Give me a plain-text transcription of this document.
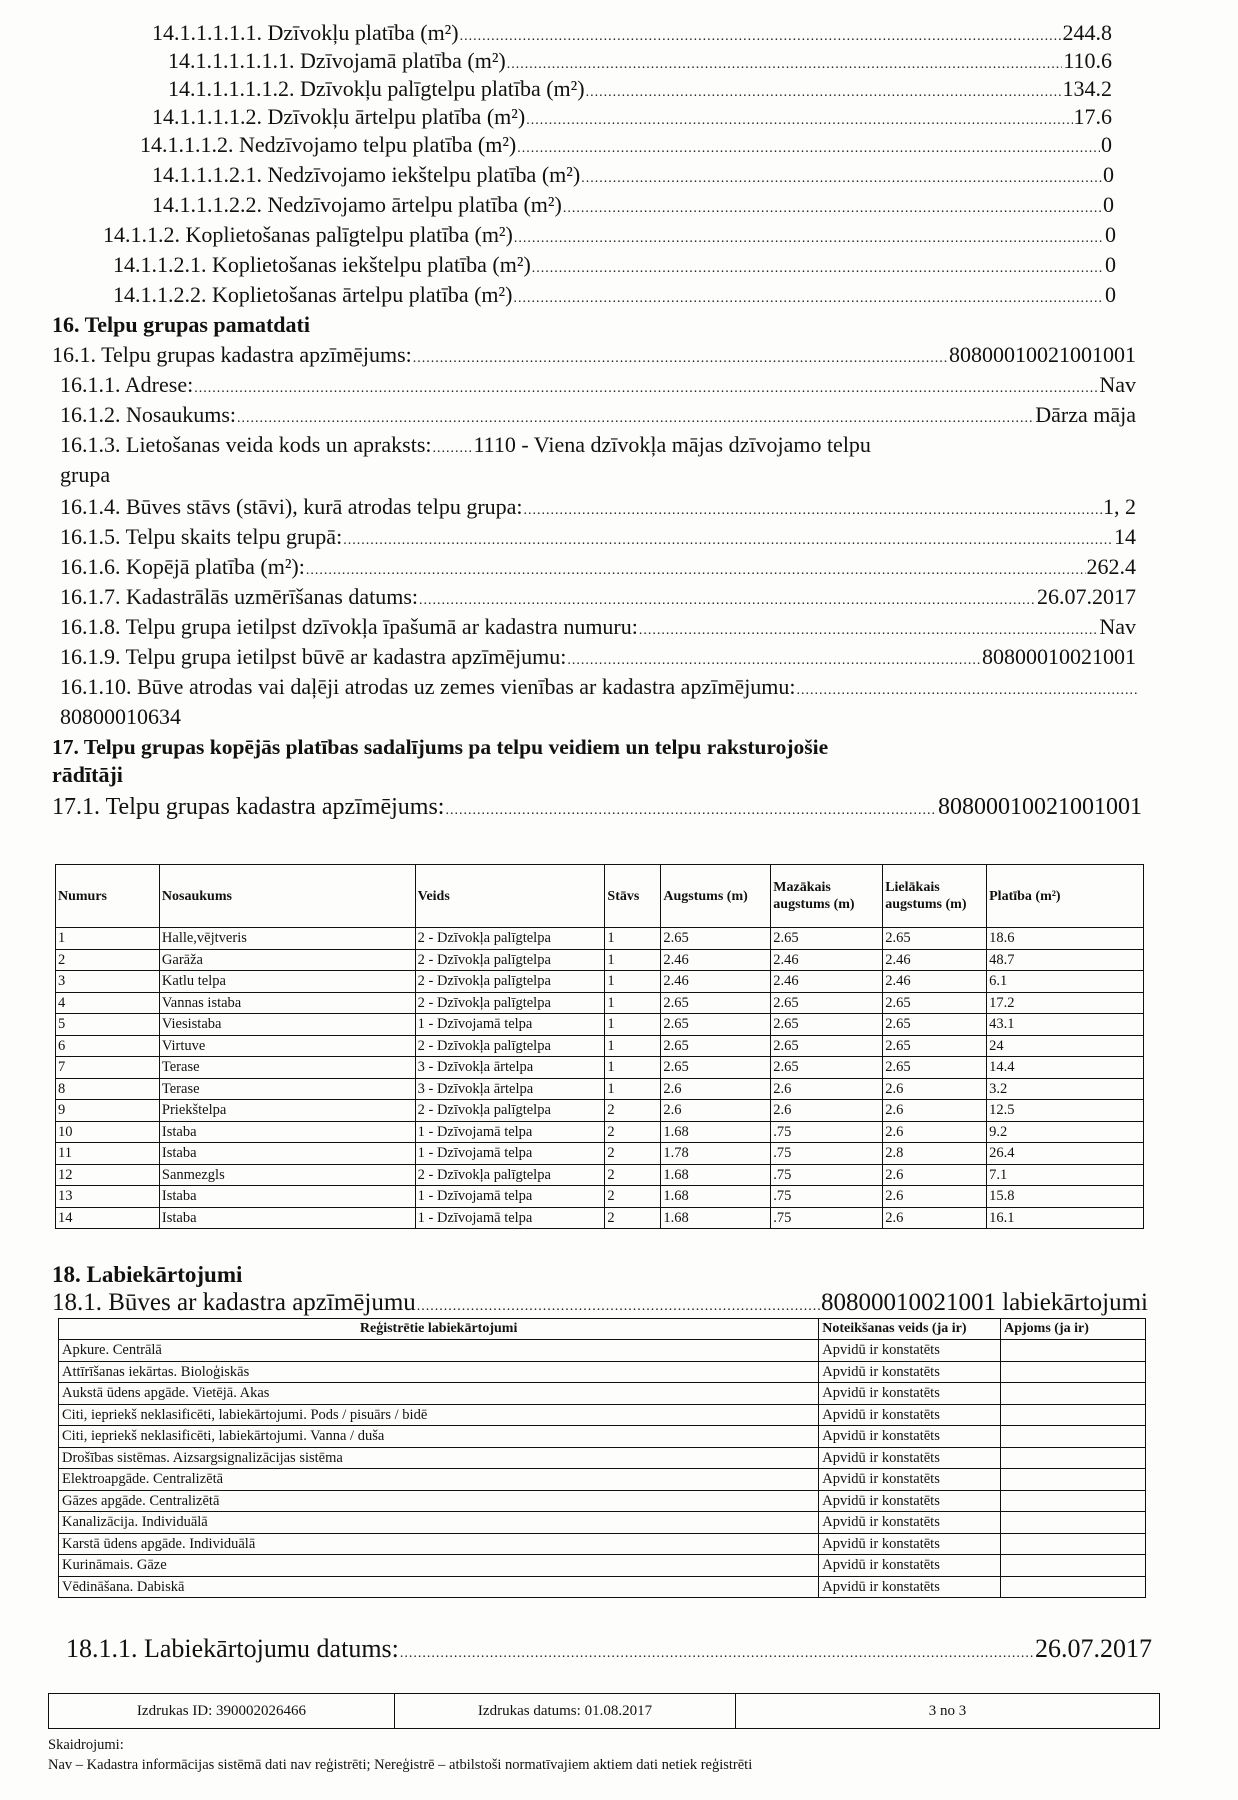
14.1.1.1.1.1. Dzīvokļu platība (m²) .....	244.8
14.1.1.1.1.1.1. Dzīvojamā platība (m²) .....	110.6
14.1.1.1.1.1.2. Dzīvokļu palīgtelpu platība (m²) .....	134.2
14.1.1.1.1.2. Dzīvokļu ārtelpu platība (m²) .....	17.6
14.1.1.1.2. Nedzīvojamo telpu platība (m²) .....	0
14.1.1.1.2.1. Nedzīvojamo iekštelpu platība (m²) .....	0
14.1.1.1.2.2. Nedzīvojamo ārtelpu platība (m²) .....	0
14.1.1.2. Koplietošanas palīgtelpu platība (m²) .....	0
14.1.1.2.1. Koplietošanas iekštelpu platība (m²) .....	0
14.1.1.2.2. Koplietošanas ārtelpu platība (m²) .....	0
16. Telpu grupas pamatdati
16.1. Telpu grupas kadastra apzīmējums: .....	80800010021001001
16.1.1. Adrese: .....	Nav
16.1.2. Nosaukums: .....	Dārza māja
16.1.3. Lietošanas veida kods un apraksts: ..... 1110 - Viena dzīvokļa mājas dzīvojamo telpu
grupa
16.1.4. Būves stāvs (stāvi), kurā atrodas telpu grupa: .....	1, 2
16.1.5. Telpu skaits telpu grupā: .....	14
16.1.6. Kopējā platība (m²): .....	262.4
16.1.7. Kadastrālās uzmērīšanas datums: .....	26.07.2017
16.1.8. Telpu grupa ietilpst dzīvokļa īpašumā ar kadastra numuru: .....	Nav
16.1.9. Telpu grupa ietilpst būvē ar kadastra apzīmējumu: .....	80800010021001
16.1.10. Būve atrodas vai daļēji atrodas uz zemes vienības ar kadastra apzīmējumu:
.....
80800010634
17. Telpu grupas kopējās platības sadalījums pa telpu veidiem un telpu raksturojošie
rādītāji
17.1. Telpu grupas kadastra apzīmējums: .....	80800010021001001
Numurs	Nosaukums	Veids	Stāvs	Augstums (m)	Mazākais augstums (m)	Lielākais augstums (m)	Platība (m²)
1	Halle,vējtveris	2 - Dzīvokļa palīgtelpa	1	2.65	2.65	2.65	18.6
2	Garāža	2 - Dzīvokļa palīgtelpa	1	2.46	2.46	2.46	48.7
3	Katlu telpa	2 - Dzīvokļa palīgtelpa	1	2.46	2.46	2.46	6.1
4	Vannas istaba	2 - Dzīvokļa palīgtelpa	1	2.65	2.65	2.65	17.2
5	Viesistaba	1 - Dzīvojamā telpa	1	2.65	2.65	2.65	43.1
6	Virtuve	2 - Dzīvokļa palīgtelpa	1	2.65	2.65	2.65	24
7	Terase	3 - Dzīvokļa ārtelpa	1	2.65	2.65	2.65	14.4
8	Terase	3 - Dzīvokļa ārtelpa	1	2.6	2.6	2.6	3.2
9	Priekštelpa	2 - Dzīvokļa palīgtelpa	2	2.6	2.6	2.6	12.5
10	Istaba	1 - Dzīvojamā telpa	2	1.68	.75	2.6	9.2
11	Istaba	1 - Dzīvojamā telpa	2	1.78	.75	2.8	26.4
12	Sanmezgls	2 - Dzīvokļa palīgtelpa	2	1.68	.75	2.6	7.1
13	Istaba	1 - Dzīvojamā telpa	2	1.68	.75	2.6	15.8
14	Istaba	1 - Dzīvojamā telpa	2	1.68	.75	2.6	16.1
18. Labiekārtojumi
18.1. Būves ar kadastra apzīmējumu .....	80800010021001 labiekārtojumi
Reģistrētie labiekārtojumi	Noteikšanas veids (ja ir)	Apjoms (ja ir)
Apkure. Centrālā	Apvidū ir konstatēts	
Attīrīšanas iekārtas. Bioloģiskās	Apvidū ir konstatēts	
Aukstā ūdens apgāde. Vietējā. Akas	Apvidū ir konstatēts	
Citi, iepriekš neklasificēti, labiekārtojumi. Pods / pisuārs / bidē	Apvidū ir konstatēts	
Citi, iepriekš neklasificēti, labiekārtojumi. Vanna / duša	Apvidū ir konstatēts	
Drošības sistēmas. Aizsargsignalizācijas sistēma	Apvidū ir konstatēts	
Elektroapgāde. Centralizētā	Apvidū ir konstatēts	
Gāzes apgāde. Centralizētā	Apvidū ir konstatēts	
Kanalizācija. Individuālā	Apvidū ir konstatēts	
Karstā ūdens apgāde. Individuālā	Apvidū ir konstatēts	
Kurināmais. Gāze	Apvidū ir konstatēts	
Vēdināšana. Dabiskā	Apvidū ir konstatēts	
18.1.1. Labiekārtojumu datums: .....	26.07.2017
Izdrukas ID: 390002026466	Izdrukas datums: 01.08.2017	3 no 3
Skaidrojumi:
Nav – Kadastra informācijas sistēmā dati nav reģistrēti; Nereģistrē – atbilstoši normatīvajiem aktiem dati netiek reģistrēti
